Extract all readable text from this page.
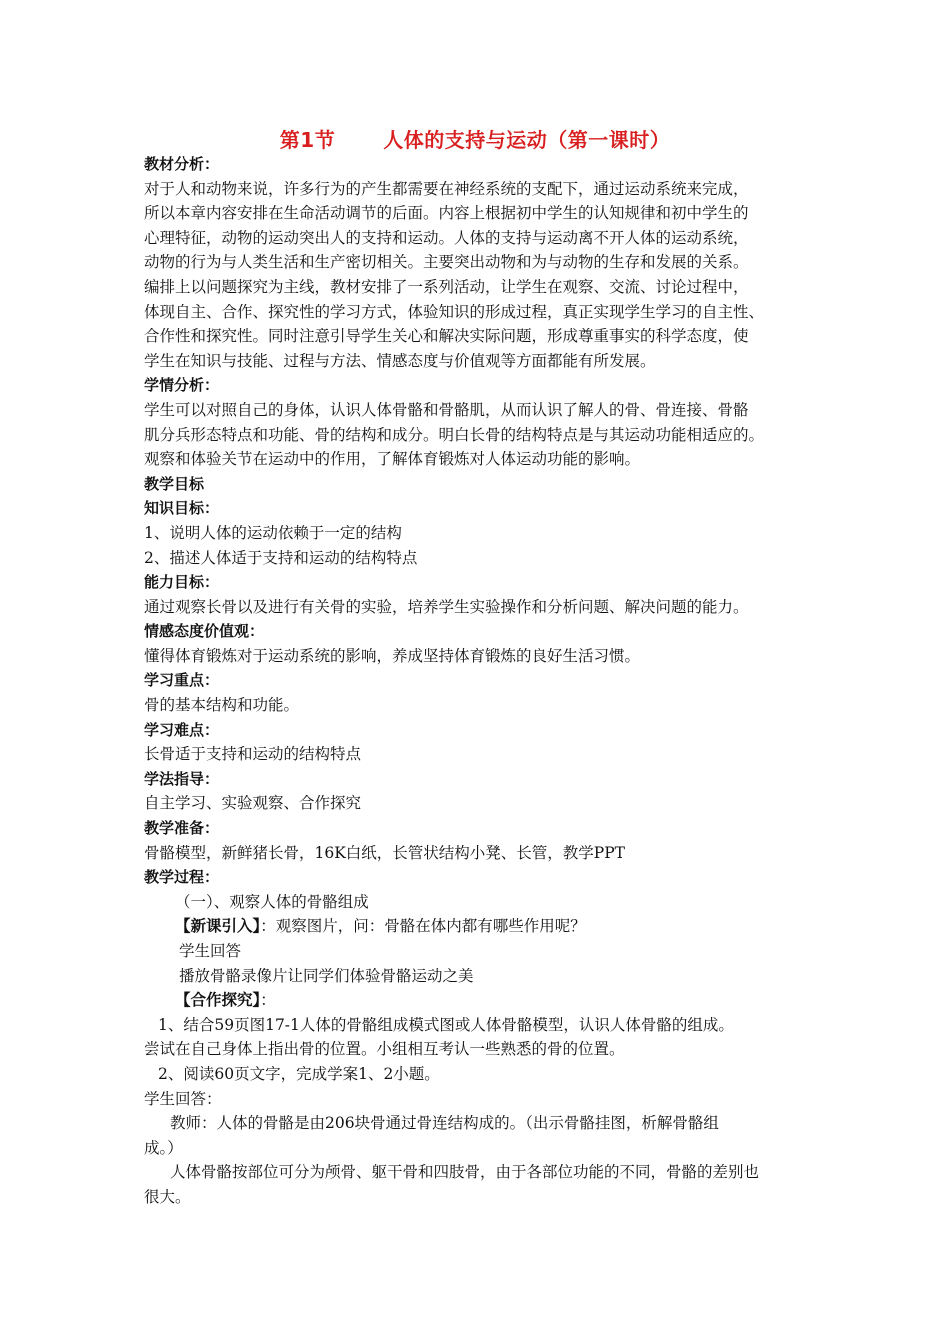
第1节 人体的支持与运动（第一课时）
教材分析：
对于人和动物来说，许多行为的产生都需要在神经系统的支配下，通过运动系统来完成，
所以本章内容安排在生命活动调节的后面。内容上根据初中学生的认知规律和初中学生的
心理特征，动物的运动突出人的支持和运动。人体的支持与运动离不开人体的运动系统，
动物的行为与人类生活和生产密切相关。主要突出动物和为与动物的生存和发展的关系。
编排上以问题探究为主线，教材安排了一系列活动，让学生在观察、交流、讨论过程中，
体现自主、合作、探究性的学习方式，体验知识的形成过程，真正实现学生学习的自主性、
合作性和探究性。同时注意引导学生关心和解决实际问题，形成尊重事实的科学态度，使
学生在知识与技能、过程与方法、情感态度与价值观等方面都能有所发展。
学情分析：
学生可以对照自己的身体，认识人体骨骼和骨骼肌，从而认识了解人的骨、骨连接、骨骼
肌分兵形态特点和功能、骨的结构和成分。明白长骨的结构特点是与其运动功能相适应的。
观察和体验关节在运动中的作用，了解体育锻炼对人体运动功能的影响。
教学目标
知识目标：
1、说明人体的运动依赖于一定的结构
2、描述人体适于支持和运动的结构特点
能力目标：
通过观察长骨以及进行有关骨的实验，培养学生实验操作和分析问题、解决问题的能力。
情感态度价值观：
懂得体育锻炼对于运动系统的影响，养成坚持体育锻炼的良好生活习惯。
学习重点：
骨的基本结构和功能。
学习难点：
长骨适于支持和运动的结构特点
学法指导：
自主学习、实验观察、合作探究
教学准备：
骨骼模型，新鲜猪长骨，16K白纸，长管状结构小凳、长管，教学PPT
教学过程：
（一）、观察人体的骨骼组成
【新课引入】：观察图片，问：骨骼在体内都有哪些作用呢？
学生回答
播放骨骼录像片让同学们体验骨骼运动之美
【合作探究】：
1、结合59页图17-1人体的骨骼组成模式图或人体骨骼模型，认识人体骨骼的组成。
尝试在自己身体上指出骨的位置。小组相互考认一些熟悉的骨的位置。
2、阅读60页文字，完成学案1、2小题。
学生回答：
教师：人体的骨骼是由206块骨通过骨连结构成的。（出示骨骼挂图，析解骨骼组
成。）
人体骨骼按部位可分为颅骨、躯干骨和四肢骨，由于各部位功能的不同，骨骼的差别也
很大。
